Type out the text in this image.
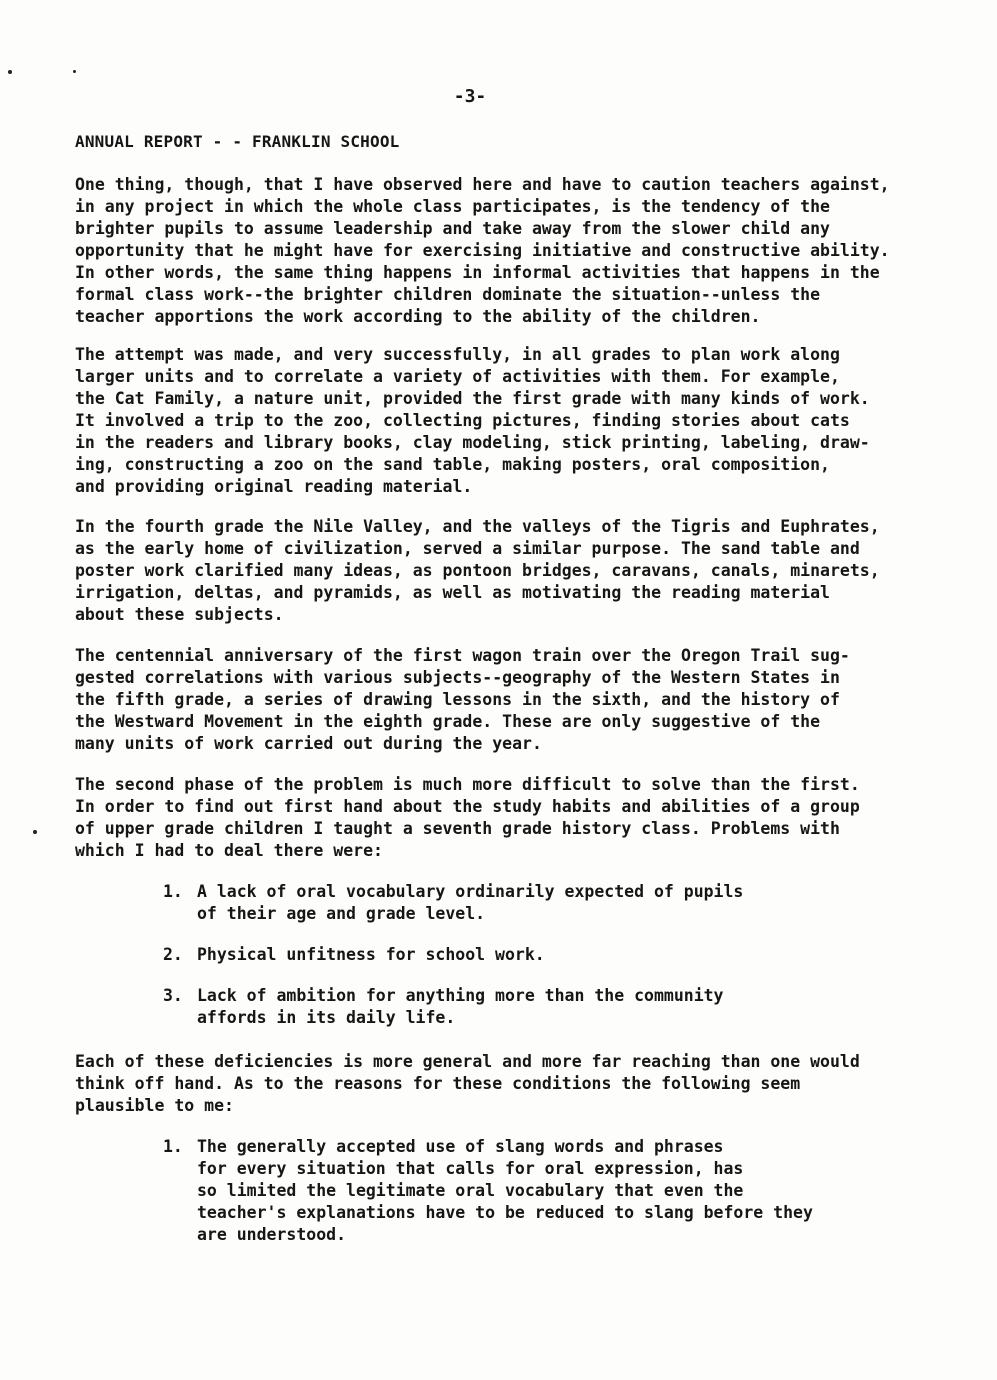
-3-
ANNUAL REPORT - - FRANKLIN SCHOOL
One thing, though, that I have observed here and have to caution teachers against,
in any project in which the whole class participates, is the tendency of the
brighter pupils to assume leadership and take away from the slower child any
opportunity that he might have for exercising initiative and constructive ability.
In other words, the same thing happens in informal activities that happens in the
formal class work--the brighter children dominate the situation--unless the
teacher apportions the work according to the ability of the children.
The attempt was made, and very successfully, in all grades to plan work along
larger units and to correlate a variety of activities with them. For example,
the Cat Family, a nature unit, provided the first grade with many kinds of work.
It involved a trip to the zoo, collecting pictures, finding stories about cats
in the readers and library books, clay modeling, stick printing, labeling, draw-
ing, constructing a zoo on the sand table, making posters, oral composition,
and providing original reading material.
In the fourth grade the Nile Valley, and the valleys of the Tigris and Euphrates,
as the early home of civilization, served a similar purpose. The sand table and
poster work clarified many ideas, as pontoon bridges, caravans, canals, minarets,
irrigation, deltas, and pyramids, as well as motivating the reading material
about these subjects.
The centennial anniversary of the first wagon train over the Oregon Trail sug-
gested correlations with various subjects--geography of the Western States in
the fifth grade, a series of drawing lessons in the sixth, and the history of
the Westward Movement in the eighth grade. These are only suggestive of the
many units of work carried out during the year.
The second phase of the problem is much more difficult to solve than the first.
In order to find out first hand about the study habits and abilities of a group
of upper grade children I taught a seventh grade history class. Problems with
which I had to deal there were:
1. A lack of oral vocabulary ordinarily expected of pupils
of their age and grade level.
2. Physical unfitness for school work.
3. Lack of ambition for anything more than the community
affords in its daily life.
Each of these deficiencies is more general and more far reaching than one would
think off hand. As to the reasons for these conditions the following seem
plausible to me:
1. The generally accepted use of slang words and phrases
for every situation that calls for oral expression, has
so limited the legitimate oral vocabulary that even the
teacher's explanations have to be reduced to slang before they
are understood.
